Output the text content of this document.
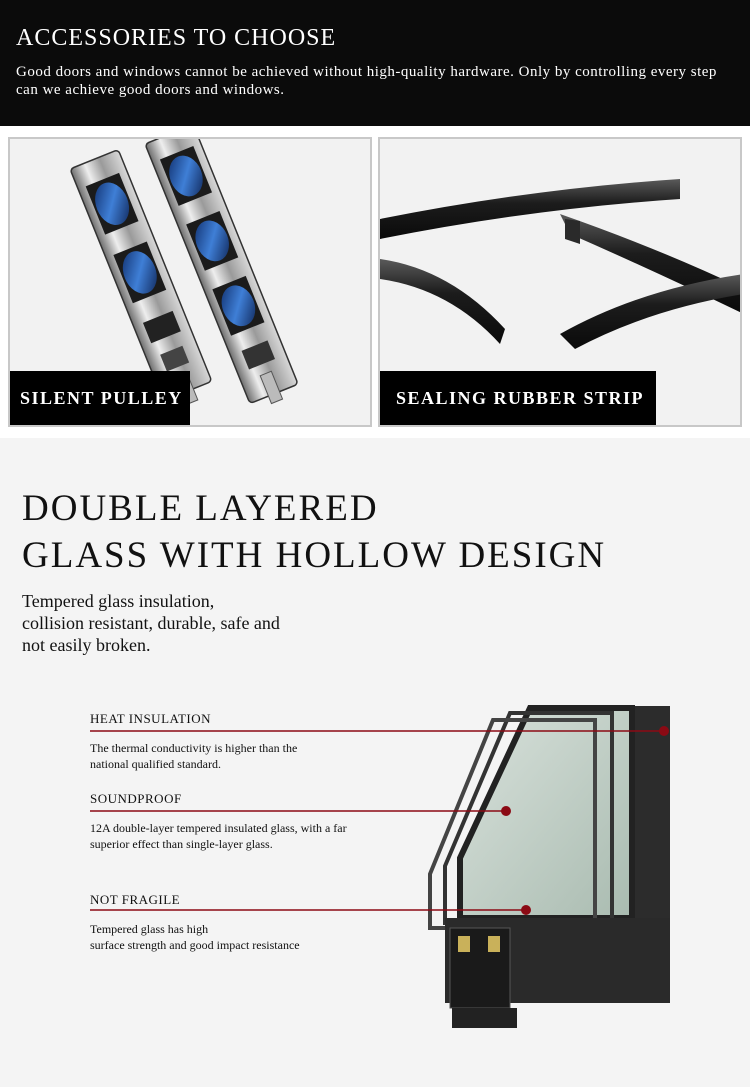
ACCESSORIES TO CHOOSE
Good doors and windows cannot be achieved without high-quality hardware. Only by controlling every step can we achieve good doors and windows.
SILENT PULLEY	SEALING RUBBER STRIP
DOUBLE LAYERED
GLASS WITH HOLLOW DESIGN
Tempered glass insulation,
collision resistant, durable, safe and
not easily broken.
HEAT INSULATION
The thermal conductivity is higher than the
national qualified standard.
SOUNDPROOF
12A double-layer tempered insulated glass, with a far
superior effect than single-layer glass.
NOT FRAGILE
Tempered glass has high
surface strength and good impact resistance
